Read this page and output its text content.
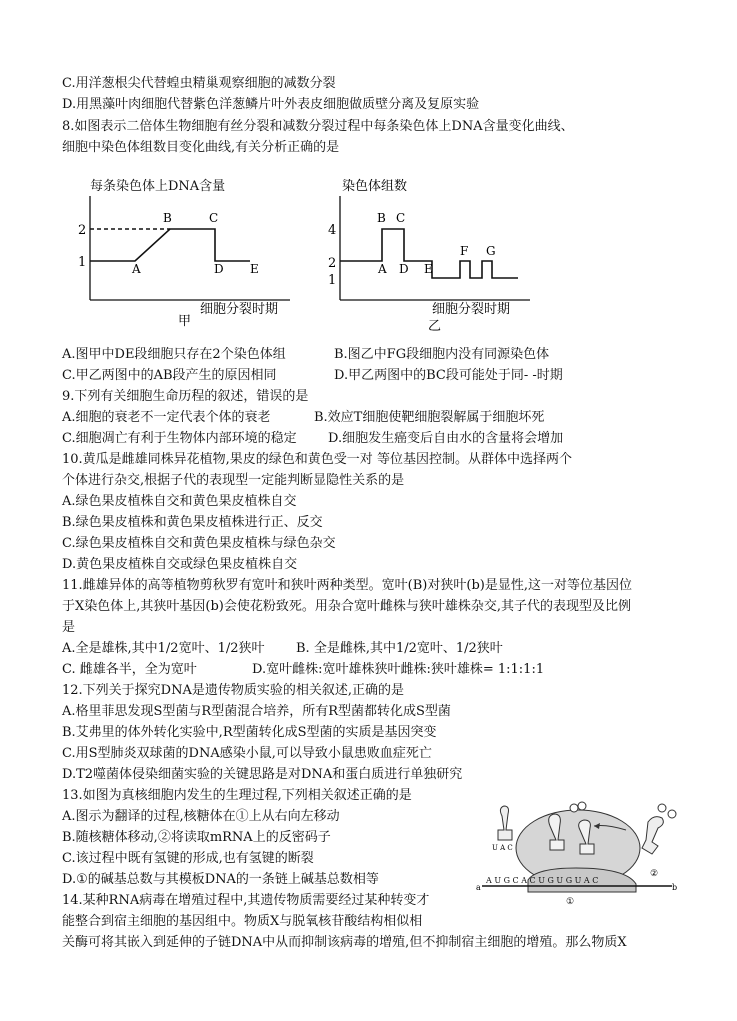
C.用洋葱根尖代替蝗虫精巢观察细胞的减数分裂
D.用黑藻叶肉细胞代替紫色洋葱鳞片叶外表皮细胞做质壁分离及复原实验
8.如图表示二倍体生物细胞有丝分裂和减数分裂过程中每条染色体上DNA含量变化曲线、
细胞中染色体组数目变化曲线,有关分析正确的是
每条染色体上DNA含量
2
1	A
B	C
D E
细胞分裂时期
甲
染色体组数
4
2
1
A
B C
D E
F G
细胞分裂时期
乙
A.图甲中DE段细胞只存在2个染色体组	B.图乙中FG段细胞内没有同源染色体
C.甲乙两图中的AB段产生的原因相同	D.甲乙两图中的BC段可能处于同- -时期
9.下列有关细胞生命历程的叙述，错误的是
A.细胞的衰老不一定代表个体的衰老	B.效应T细胞使靶细胞裂解属于细胞坏死
C.细胞凋亡有利于生物体内部环境的稳定 D.细胞发生癌变后自由水的含量将会增加
10.黄瓜是雌雄同株异花植物,果皮的绿色和黄色受一对 等位基因控制。从群体中选择两个
个体进行杂交,根据子代的表现型一定能判断显隐性关系的是
A.绿色果皮植株自交和黄色果皮植株自交
B.绿色果皮植株和黄色果皮植株进行正、反交
C.绿色果皮植株自交和黄色果皮植株与绿色杂交
D.黄色果皮植株自交或绿色果皮植株自交
11.雌雄异体的高等植物剪秋罗有宽叶和狭叶两种类型。宽叶(B)对狭叶(b)是显性,这一对等位基因位
于X染色体上,其狭叶基因(b)会使花粉致死。用杂合宽叶雌株与狭叶雄株杂交,其子代的表现型及比例
是
A.全是雄株,其中1/2宽叶、1/2狭叶 B. 全是雌株,其中1/2宽叶、1/2狭叶
C. 雌雄各半，全为宽叶	D.宽叶雌株:宽叶雄株狭叶雌株:狭叶雄株= 1:1:1:1
12.下列关于探究DNA是遗传物质实验的相关叙述,正确的是
A.格里菲思发现S型菌与R型菌混合培养，所有R型菌都转化成S型菌
B.艾弗里的体外转化实验中,R型菌转化成S型菌的实质是基因突变
C.用S型肺炎双球菌的DNA感染小鼠,可以导致小鼠患败血症死亡
D.T2噬菌体侵染细菌实验的关键思路是对DNA和蛋白质进行单独研究
13.如图为真核细胞内发生的生理过程,下列相关叙述正确的是
A.图示为翻译的过程,核糖体在①上从右向左移动
B.随核糖体移动,②将读取mRNA上的反密码子
C.该过程中既有氢键的形成,也有氢键的断裂
D.①的碱基总数与其模板DNA的一条链上碱基总数相等
U A C
A U G C A C U G U G U A C
a	b
①
②
14.某种RNA病毒在增殖过程中,其遗传物质需要经过某种转变才
能整合到宿主细胞的基因组中。物质X与脱氧核苷酸结构相似相
关酶可将其嵌入到延伸的子链DNA中从而抑制该病毒的增殖,但不抑制宿主细胞的增殖。那么物质X
